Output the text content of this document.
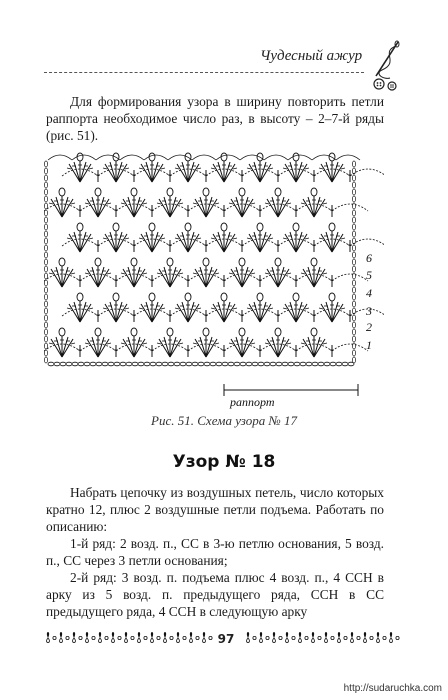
Чудесный ажур

Для формирования узора в ширину повторить петли раппорта необходимое число раз, в высоту – 2–7-й ряды (рис. 51).

6
5
4
3
2
1
раппорт
Рис. 51. Схема узора № 17
Узор № 18

Набрать цепочку из воздушных петель, число которых кратно 12, плюс 2 воздушные петли подъема. Работать по описанию:

1-й ряд: 2 возд. п., СС в 3-ю петлю основания, 5 возд. п., СС через 3 петли основания;

2-й ряд: 3 возд. п. подъема плюс 4 возд. п., 4 ССН в арку из 5 возд. п. предыдущего ряда, ССН в СС предыдущего ряда, 4 ССН в следующую арку

97
http://sudaruchka.com
